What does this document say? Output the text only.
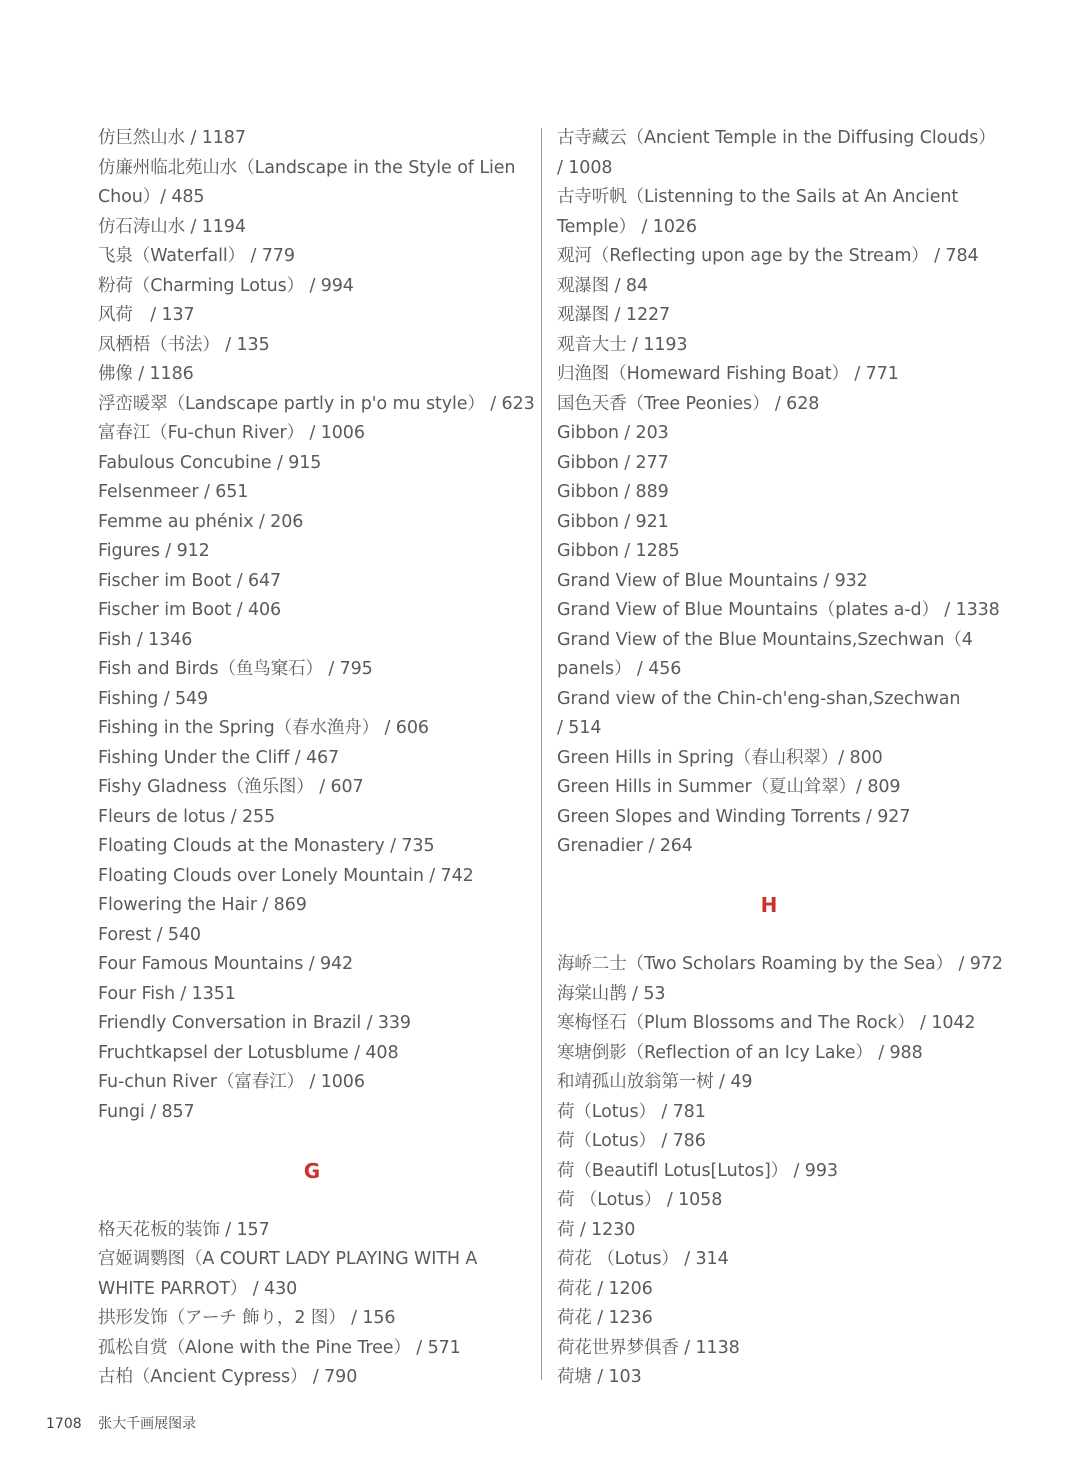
仿巨然山水 / 1187
仿廉州临北苑山水（Landscape in the Style of Lien
Chou）/ 485
仿石涛山水 / 1194
飞泉（Waterfall） / 779
粉荷（Charming Lotus） / 994
风荷　/ 137
凤栖梧（书法） / 135
佛像 / 1186
浮峦暖翠（Landscape partly in p'o mu style） / 623
富春江（Fu-chun River） / 1006
Fabulous Concubine / 915
Felsenmeer / 651
Femme au phénix / 206
Figures / 912
Fischer im Boot / 647
Fischer im Boot / 406
Fish / 1346
Fish and Birds（鱼鸟窠石） / 795
Fishing / 549
Fishing in the Spring（春水渔舟） / 606
Fishing Under the Cliff / 467
Fishy Gladness（渔乐图） / 607
Fleurs de lotus / 255
Floating Clouds at the Monastery / 735
Floating Clouds over Lonely Mountain / 742
Flowering the Hair / 869
Forest / 540
Four Famous Mountains / 942
Four Fish / 1351
Friendly Conversation in Brazil / 339
Fruchtkapsel der Lotusblume / 408
Fu-chun River（富春江） / 1006
Fungi / 857
G
格天花板的装饰 / 157
宫姬调鹦图（A COURT LADY PLAYING WITH A
WHITE PARROT） / 430
拱形发饰（アーチ 飾り，2 图） / 156
孤松自赏（Alone with the Pine Tree） / 571
古柏（Ancient Cypress） / 790
古寺藏云（Ancient Temple in the Diffusing Clouds）
/ 1008
古寺听帆（Listenning to the Sails at An Ancient
Temple） / 1026
观河（Reflecting upon age by the Stream） / 784
观瀑图 / 84
观瀑图 / 1227
观音大士 / 1193
归渔图（Homeward Fishing Boat） / 771
国色天香（Tree Peonies） / 628
Gibbon / 203
Gibbon / 277
Gibbon / 889
Gibbon / 921
Gibbon / 1285
Grand View of Blue Mountains / 932
Grand View of Blue Mountains（plates a-d） / 1338
Grand View of the Blue Mountains,Szechwan（4
panels） / 456
Grand view of the Chin-ch'eng-shan,Szechwan
/ 514
Green Hills in Spring（春山积翠）/ 800
Green Hills in Summer（夏山耸翠）/ 809
Green Slopes and Winding Torrents / 927
Grenadier / 264
H
海峤二士（Two Scholars Roaming by the Sea） / 972
海棠山鹊 / 53
寒梅怪石（Plum Blossoms and The Rock） / 1042
寒塘倒影（Reflection of an Icy Lake） / 988
和靖孤山放翁第一树 / 49
荷（Lotus） / 781
荷（Lotus） / 786
荷（Beautifl Lotus[Lutos]） / 993
荷 （Lotus） / 1058
荷 / 1230
荷花 （Lotus） / 314
荷花 / 1206
荷花 / 1236
荷花世界梦俱香 / 1138
荷塘 / 103
1708 张大千画展图录
